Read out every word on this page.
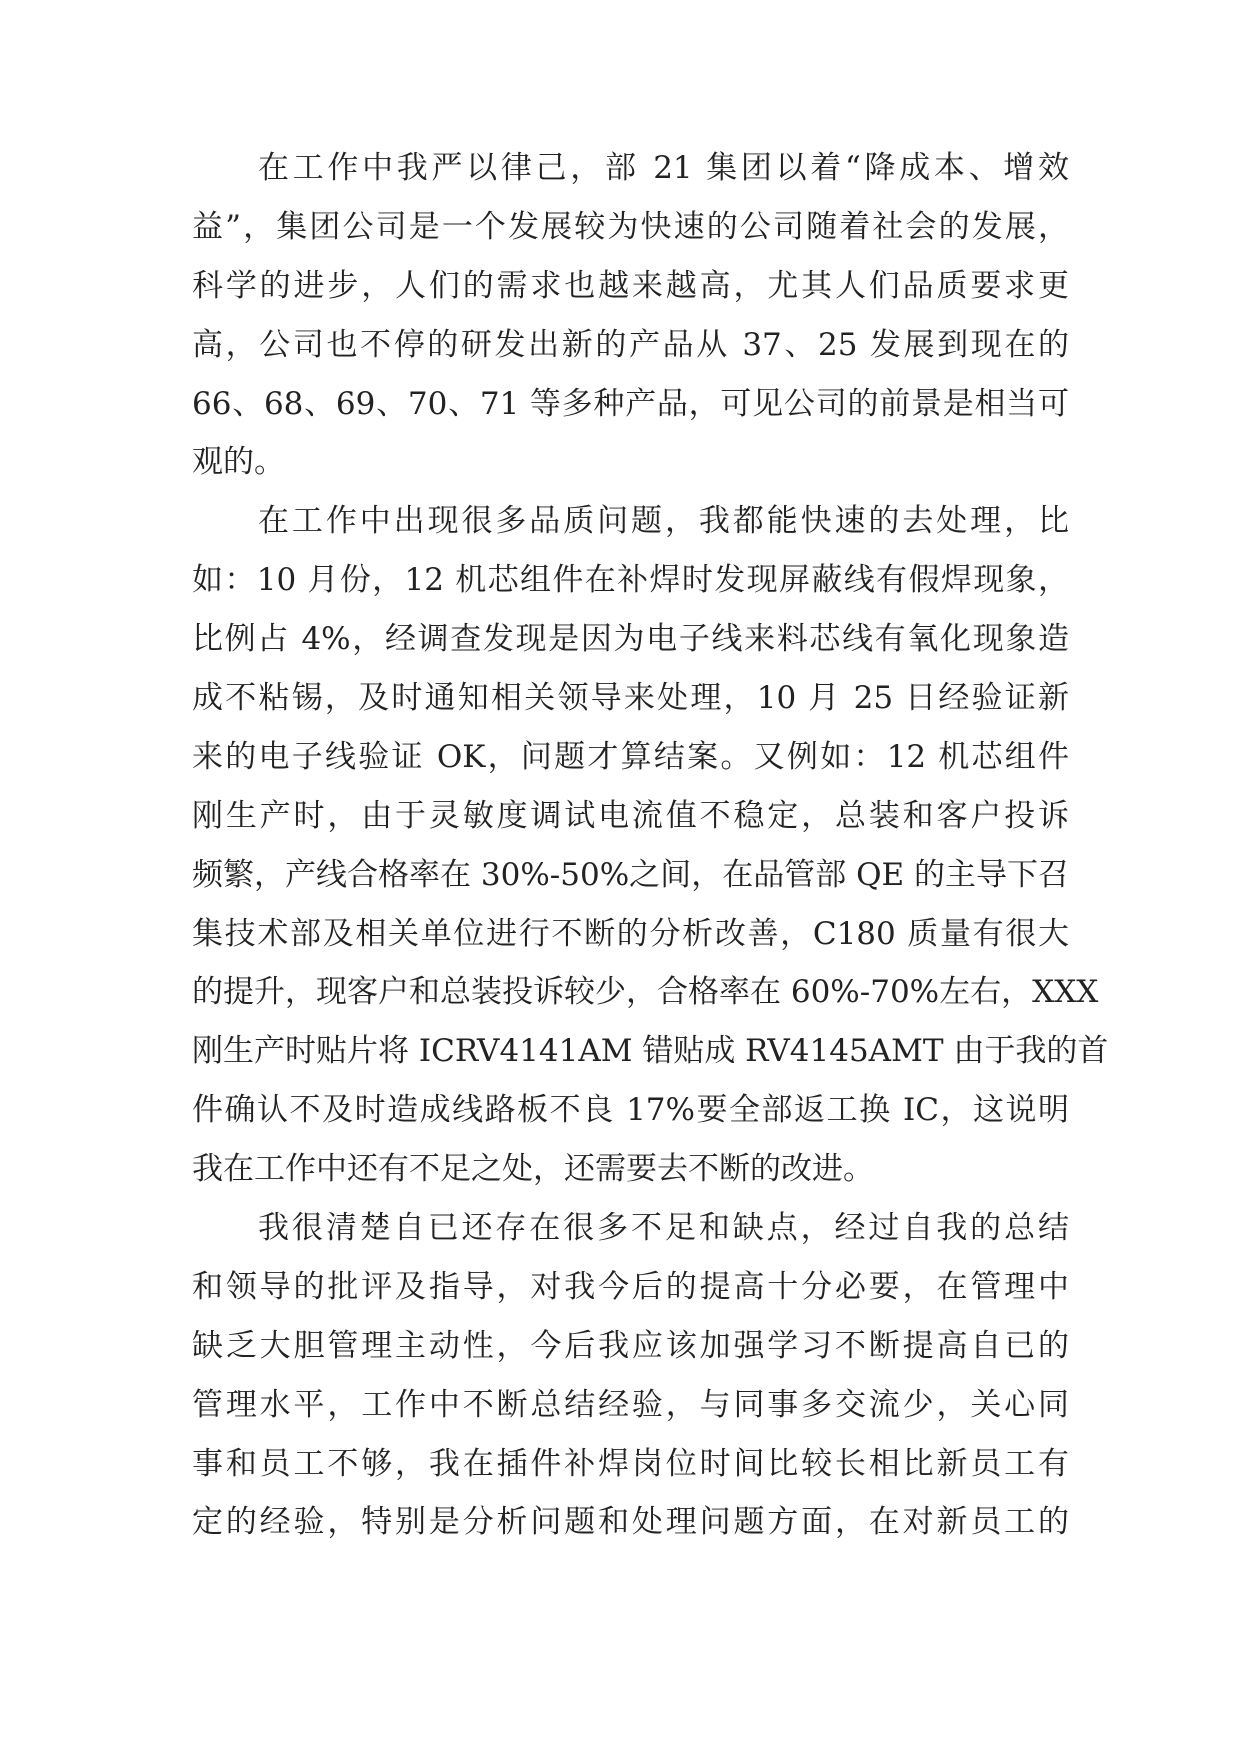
在工作中我严以律己，部 21 集团以着“降成本、增效
益”，集团公司是一个发展较为快速的公司随着社会的发展，
科学的进步，人们的需求也越来越高，尤其人们品质要求更
高，公司也不停的研发出新的产品从 37、25 发展到现在的
66、68、69、70、71 等多种产品，可见公司的前景是相当可
观的。
在工作中出现很多品质问题，我都能快速的去处理，比
如：10 月份，12 机芯组件在补焊时发现屏蔽线有假焊现象，
比例占 4%，经调查发现是因为电子线来料芯线有氧化现象造
成不粘锡，及时通知相关领导来处理，10 月 25 日经验证新
来的电子线验证 OK，问题才算结案。又例如：12 机芯组件
刚生产时，由于灵敏度调试电流值不稳定，总装和客户投诉
频繁，产线合格率在 30%-50%之间，在品管部 QE 的主导下召
集技术部及相关单位进行不断的分析改善，C180 质量有很大
的提升，现客户和总装投诉较少，合格率在 60%-70%左右，XXX
刚生产时贴片将 ICRV4141AM 错贴成 RV4145AMT 由于我的首
件确认不及时造成线路板不良 17%要全部返工换 IC，这说明
我在工作中还有不足之处，还需要去不断的改进。
我很清楚自已还存在很多不足和缺点，经过自我的总结
和领导的批评及指导，对我今后的提高十分必要，在管理中
缺乏大胆管理主动性，今后我应该加强学习不断提高自已的
管理水平，工作中不断总结经验，与同事多交流少，关心同
事和员工不够，我在插件补焊岗位时间比较长相比新员工有
定的经验，特别是分析问题和处理问题方面，在对新员工的
